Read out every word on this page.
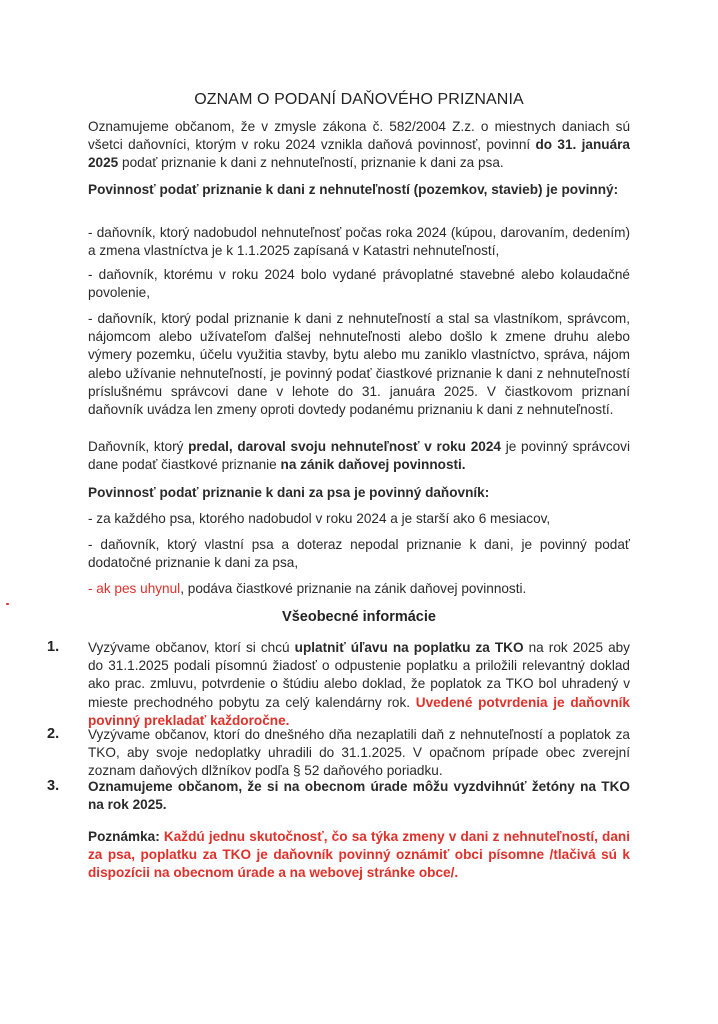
OZNAM O PODANÍ DAŇOVÉHO PRIZNANIA
Oznamujeme občanom, že v zmysle zákona č. 582/2004 Z.z. o miestnych daniach sú všetci daňovníci, ktorým v roku 2024 vznikla daňová povinnosť, povinní do 31. januára 2025 podať priznanie k dani z nehnuteľností, priznanie k dani za psa.
Povinnosť podať priznanie k dani z nehnuteľností (pozemkov, stavieb) je povinný:
- daňovník, ktorý nadobudol nehnuteľnosť počas roka 2024 (kúpou, darovaním, dedením) a zmena vlastníctva je k 1.1.2025 zapísaná v Katastri nehnuteľností,
- daňovník, ktorému v roku 2024 bolo vydané právoplatné stavebné alebo kolaudačné povolenie,
- daňovník, ktorý podal priznanie k dani z nehnuteľností a stal sa vlastníkom, správcom, nájomcom alebo užívateľom ďalšej nehnuteľnosti alebo došlo k zmene druhu alebo výmery pozemku, účelu využitia stavby, bytu alebo mu zaniklo vlastníctvo, správa, nájom alebo užívanie nehnuteľností, je povinný podať čiastkové priznanie k dani z nehnuteľností príslušnému správcovi dane v lehote do 31. januára 2025. V čiastkovom priznaní daňovník uvádza len zmeny oproti dovtedy podanému priznaniu k dani z nehnuteľností.
Daňovník, ktorý predal, daroval svoju nehnuteľnosť v roku 2024 je povinný správcovi dane podať čiastkové priznanie na zánik daňovej povinnosti.
Povinnosť podať priznanie k dani za psa je povinný daňovník:
- za každého psa, ktorého nadobudol v roku 2024 a je starší ako 6 mesiacov,
- daňovník, ktorý vlastní psa a doteraz nepodal priznanie k dani, je povinný podať dodatočné priznanie k dani za psa,
- ak pes uhynul, podáva čiastkové priznanie na zánik daňovej povinnosti.
Všeobecné informácie
1. Vyzývame občanov, ktorí si chcú uplatniť úľavu na poplatku za TKO na rok 2025 aby do 31.1.2025 podali písomnú žiadosť o odpustenie poplatku a priložili relevantný doklad ako prac. zmluvu, potvrdenie o štúdiu alebo doklad, že poplatok za TKO bol uhradený v mieste prechodného pobytu za celý kalendárny rok. Uvedené potvrdenia je daňovník povinný prekladať každoročne.
2. Vyzývame občanov, ktorí do dnešného dňa nezaplatili daň z nehnuteľností a poplatok za TKO, aby svoje nedoplatky uhradili do 31.1.2025. V opačnom prípade obec zverejní zoznam daňových dlžníkov podľa § 52 daňového poriadku.
3. Oznamujeme občanom, že si na obecnom úrade môžu vyzdvihnúť žetóny na TKO na rok 2025.
Poznámka: Každú jednu skutočnosť, čo sa týka zmeny v dani z nehnuteľností, dani za psa, poplatku za TKO je daňovník povinný oznámiť obci písomne /tlačivá sú k dispozícii na obecnom úrade a na webovej stránke obce/.
